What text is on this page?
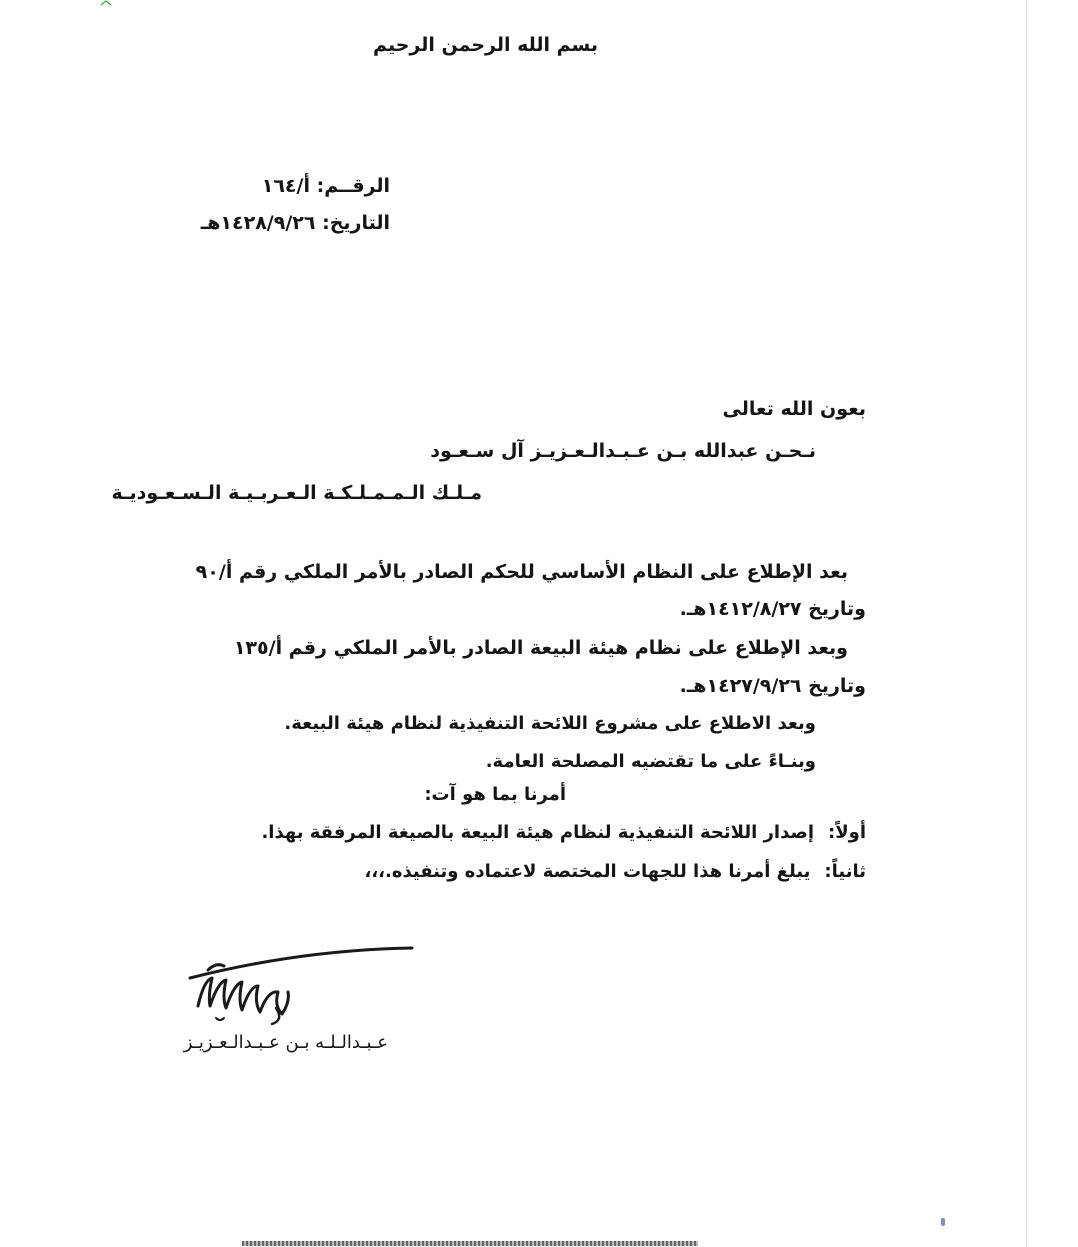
بسم الله الرحمن الرحيم
الرقــم: أ/١٦٤
التاريخ: ١٤٢٨/٩/٢٦هـ
بعون الله تعالى
نـحـن عبدالله بـن عـبـدالـعـزيـز آل سـعـود
مـلـك الـمـمـلـكـة الـعـربـيـة الـسـعـوديـة
بعد الإطلاع على النظام الأساسي للحكم الصادر بالأمر الملكي رقم أ/٩٠
وتاريخ ١٤١٢/٨/٢٧هـ.
وبعد الإطلاع على نظام هيئة البيعة الصادر بالأمر الملكي رقم أ/١٣٥
وتاريخ ١٤٢٧/٩/٢٦هـ.
وبعد الاطلاع على مشروع اللائحة التنفيذية لنظام هيئة البيعة.
وبنـاءً على ما تقتضيه المصلحة العامة.
أمرنا بما هو آت:
أولاً:إصدار اللائحة التنفيذية لنظام هيئة البيعة بالصيغة المرفقة بهذا.
ثانياً:يبلغ أمرنا هذا للجهات المختصة لاعتماده وتنفيذه.،،،
عـبـدالـلـه بـن عـبـدالـعـزيـز
